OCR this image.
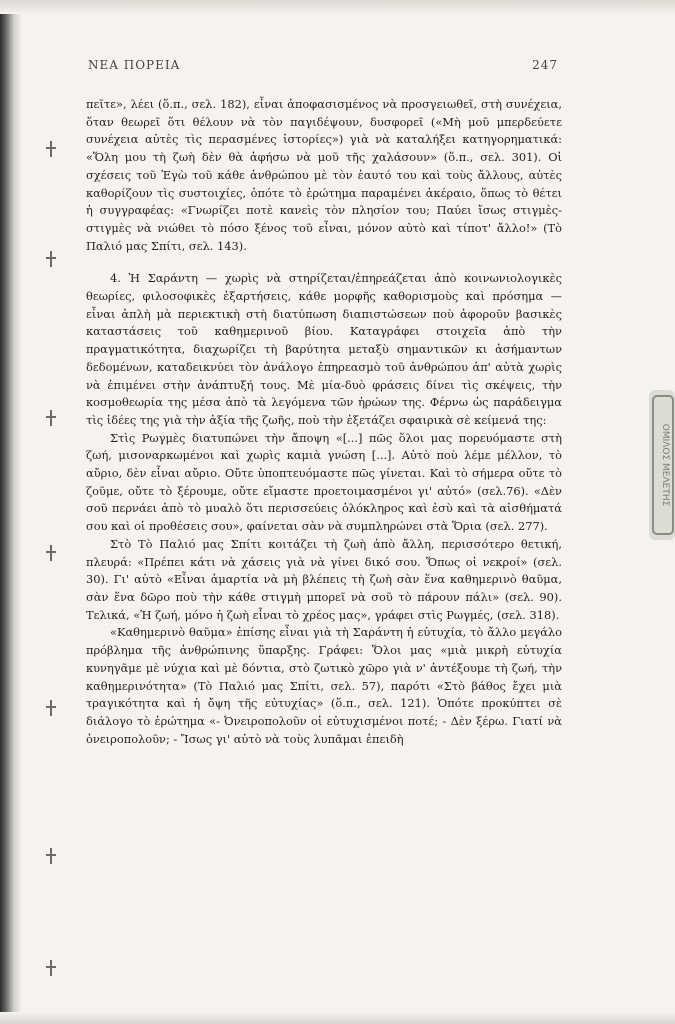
ΝΕΑ ΠΟΡΕΙΑ	247
ΟΜΙΛΟΣ ΜΕΛΕΤΗΣ

πεῖτε», λέει (ὅ.π., σελ. 182), εἶναι ἀποφασισμένος νὰ προσγειωθεῖ, στὴ συνέχεια, ὅταν θεωρεῖ ὅτι θέλουν νὰ τὸν παγιδέψουν, δυσφορεῖ («Μὴ μοῦ μπερδεύετε συνέχεια αὐτὲς τὶς περασμένες ἱστορίες») γιὰ νὰ καταλήξει κατηγορηματικά: «Ὅλη μου τὴ ζωὴ δὲν θὰ ἀφήσω νὰ μοῦ τῆς χαλάσουν» (ὅ.π., σελ. 301). Οἱ σχέσεις τοῦ Ἐγὼ τοῦ κάθε ἀνθρώπου μὲ τὸν ἑαυτό του καὶ τοὺς ἄλλους, αὐτὲς καθορίζουν τὶς συστοιχίες, ὁπότε τὸ ἐρώτημα παραμένει ἀκέραιο, ὅπως τὸ θέτει ἡ συγγραφέας: «Γνωρίζει ποτὲ κανεὶς τὸν πλησίον του; Παύει ἴσως στιγμὲς-στιγμὲς νὰ νιώθει τὸ πόσο ξένος τοῦ εἶναι, μόνον αὐτὸ καὶ τίποτ' ἄλλο!» (Τὸ Παλιό μας Σπίτι, σελ. 143).

4. Ἡ Σαράντη — χωρὶς νὰ στηρίζεται/ἐπηρεάζεται ἀπὸ κοινωνιολογικὲς θεωρίες, φιλοσοφικὲς ἐξαρτήσεις, κάθε μορφῆς καθορισμοὺς καὶ πρόσημα — εἶναι ἁπλὴ μὰ περιεκτικὴ στὴ διατύπωση διαπιστώσεων ποὺ ἀφοροῦν βασικὲς καταστάσεις τοῦ καθημερινοῦ βίου. Καταγράφει στοιχεῖα ἀπὸ τὴν πραγματικότητα, διαχωρίζει τὴ βαρύτητα μεταξὺ σημαντικῶν κι ἀσήμαντων δεδομένων, καταδεικνύει τὸν ἀνάλογο ἐπηρεασμὸ τοῦ ἀνθρώπου ἀπ' αὐτὰ χωρὶς νὰ ἐπιμένει στὴν ἀνάπτυξή τους. Μὲ μία-δυὸ φράσεις δίνει τὶς σκέψεις, τὴν κοσμοθεωρία της μέσα ἀπὸ τὰ λεγόμενα τῶν ἡρώων της. Φέρνω ὡς παράδειγμα τὶς ἰδέες της γιὰ τὴν ἀξία τῆς ζωῆς, ποὺ τὴν ἐξετάζει σφαιρικὰ σὲ κείμενά της:

Στὶς Ρωγμὲς διατυπώνει τὴν ἄποψη «[...] πῶς ὅλοι μας πορευόμαστε στὴ ζωή, μισοναρκωμένοι καὶ χωρὶς καμιὰ γνώση [...]. Αὐτὸ ποὺ λέμε μέλλον, τὸ αὔριο, δὲν εἶναι αὔριο. Οὔτε ὑποπτευόμαστε πῶς γίνεται. Καὶ τὸ σήμερα οὔτε τὸ ζοῦμε, οὔτε τὸ ξέρουμε, οὔτε εἴμαστε προετοιμασμένοι γι' αὐτό» (σελ.76). «Δὲν σοῦ περνάει ἀπὸ τὸ μυαλὸ ὅτι περισσεύεις ὁλόκληρος καὶ ἐσὺ καὶ τὰ αἰσθήματά σου καὶ οἱ προθέσεις σου», φαίνεται σὰν νὰ συμπληρώνει στὰ Ὅρια (σελ. 277).

Στὸ Τὸ Παλιό μας Σπίτι κοιτάζει τὴ ζωὴ ἀπὸ ἄλλη, περισσότερο θετική, πλευρά: «Πρέπει κάτι νὰ χάσεις γιὰ νὰ γίνει δικό σου. Ὅπως οἱ νεκροί» (σελ. 30). Γι' αὐτὸ «Εἶναι ἁμαρτία νὰ μὴ βλέπεις τὴ ζωὴ σὰν ἕνα καθημερινὸ θαῦμα, σὰν ἕνα δῶρο ποὺ τὴν κάθε στιγμὴ μπορεῖ νὰ σοῦ τὸ πάρουν πάλι» (σελ. 90). Τελικά, «Ἡ ζωή, μόνο ἡ ζωὴ εἶναι τὸ χρέος μας», γράφει στὶς Ρωγμές, (σελ. 318).

«Καθημερινὸ θαῦμα» ἐπίσης εἶναι γιὰ τὴ Σαράντη ἡ εὐτυχία, τὸ ἄλλο μεγάλο πρόβλημα τῆς ἀνθρώπινης ὕπαρξης. Γράφει: Ὅλοι μας «μιὰ μικρὴ εὐτυχία κυνηγᾶμε μὲ νύχια καὶ μὲ δόντια, στὸ ζωτικὸ χῶρο γιὰ ν' ἀντέξουμε τὴ ζωή, τὴν καθημερινότητα» (Τὸ Παλιό μας Σπίτι, σελ. 57), παρότι «Στὸ βάθος ἔχει μιὰ τραγικότητα καὶ ἡ ὄψη τῆς εὐτυχίας» (ὅ.π., σελ. 121). Ὁπότε προκύπτει σὲ διάλογο τὸ ἐρώτημα «- Ὀνειροπολοῦν οἱ εὐτυχισμένοι ποτέ; - Δὲν ξέρω. Γιατί νὰ ὀνειροπολοῦν; - Ἴσως γι' αὐτὸ νὰ τοὺς λυπᾶμαι ἐπειδὴ
